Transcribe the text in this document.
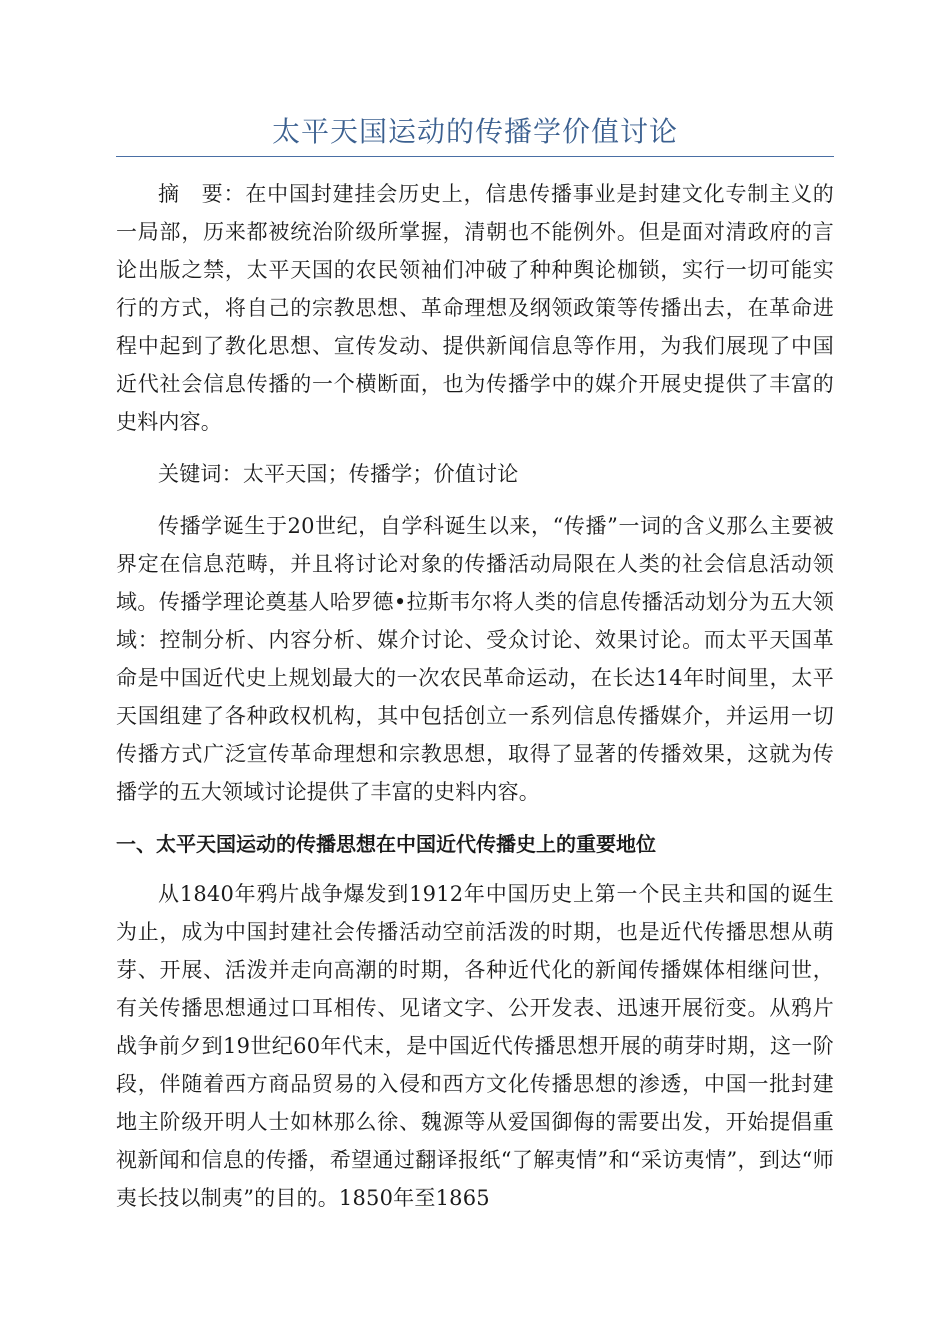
太平天国运动的传播学价值讨论

摘　要：在中国封建挂会历史上，信患传播事业是封建文化专制主义的一局部，历来都被统治阶级所掌握，清朝也不能例外。但是面对清政府的言论出版之禁，太平天国的农民领袖们冲破了种种舆论枷锁，实行一切可能实行的方式，将自己的宗教思想、革命理想及纲领政策等传播出去，在革命进程中起到了教化思想、宣传发动、提供新闻信息等作用，为我们展现了中国近代社会信息传播的一个横断面，也为传播学中的媒介开展史提供了丰富的史料内容。

关键词：太平天国；传播学；价值讨论

传播学诞生于20世纪，自学科诞生以来，“传播”一词的含义那么主要被界定在信息范畴，并且将讨论对象的传播活动局限在人类的社会信息活动领域。传播学理论奠基人哈罗德•拉斯韦尔将人类的信息传播活动划分为五大领域：控制分析、内容分析、媒介讨论、受众讨论、效果讨论。而太平天国革命是中国近代史上规划最大的一次农民革命运动，在长达14年时间里，太平天国组建了各种政权机构，其中包括创立一系列信息传播媒介，并运用一切传播方式广泛宣传革命理想和宗教思想，取得了显著的传播效果，这就为传播学的五大领域讨论提供了丰富的史料内容。

一、太平天国运动的传播思想在中国近代传播史上的重要地位

从1840年鸦片战争爆发到1912年中国历史上第一个民主共和国的诞生为止，成为中国封建社会传播活动空前活泼的时期，也是近代传播思想从萌芽、开展、活泼并走向高潮的时期，各种近代化的新闻传播媒体相继问世，有关传播思想通过口耳相传、见诸文字、公开发表、迅速开展衍变。从鸦片战争前夕到19世纪60年代末，是中国近代传播思想开展的萌芽时期，这一阶段，伴随着西方商品贸易的入侵和西方文化传播思想的渗透，中国一批封建地主阶级开明人士如林那么徐、魏源等从爱国御侮的需要出发，开始提倡重视新闻和信息的传播，希望通过翻译报纸“了解夷情”和“采访夷情”，到达“师夷长技以制夷”的目的。1850年至1865
